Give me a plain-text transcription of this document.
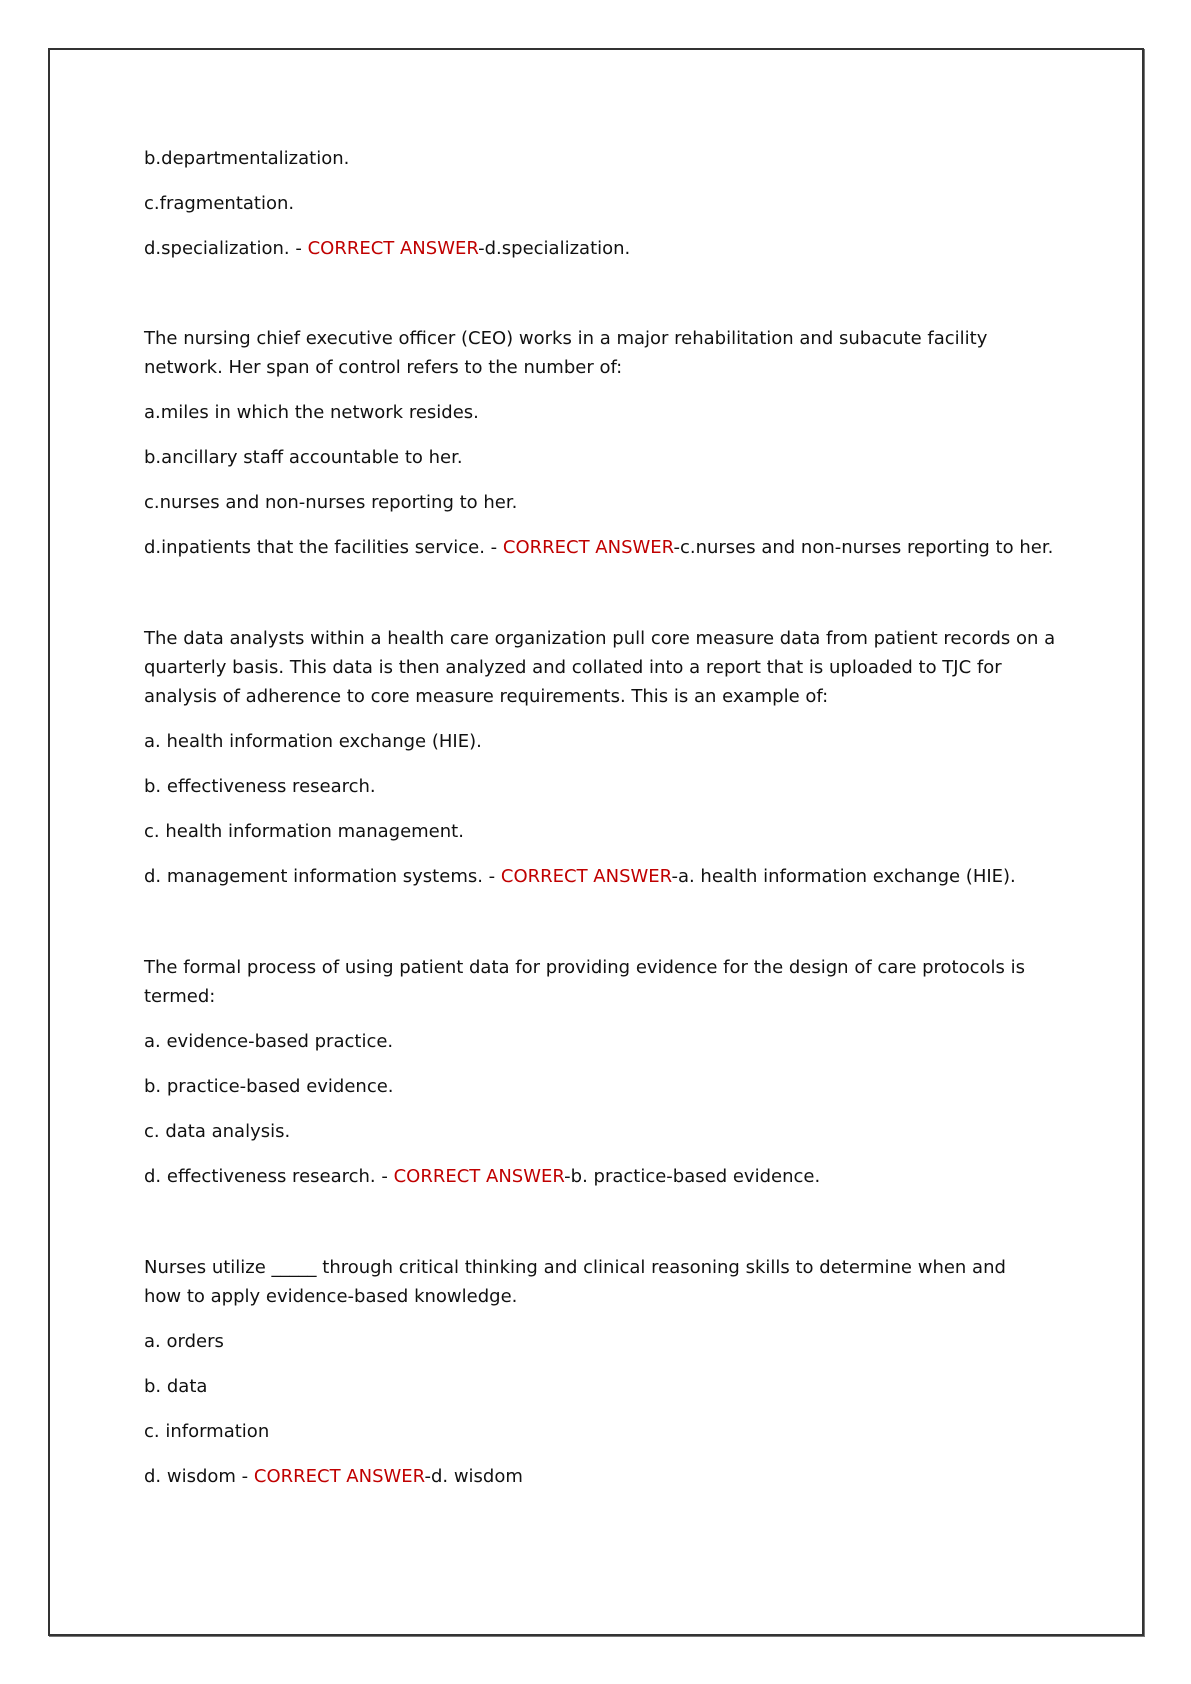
b.departmentalization.

c.fragmentation.

d.specialization. - CORRECT ANSWER-d.specialization.

The nursing chief executive officer (CEO) works in a major rehabilitation and subacute facility

network. Her span of control refers to the number of:

a.miles in which the network resides.

b.ancillary staff accountable to her.

c.nurses and non-nurses reporting to her.

d.inpatients that the facilities service. - CORRECT ANSWER-c.nurses and non-nurses reporting to her.

The data analysts within a health care organization pull core measure data from patient records on a

quarterly basis. This data is then analyzed and collated into a report that is uploaded to TJC for

analysis of adherence to core measure requirements. This is an example of:

a. health information exchange (HIE).

b. effectiveness research.

c. health information management.

d. management information systems. - CORRECT ANSWER-a. health information exchange (HIE).

The formal process of using patient data for providing evidence for the design of care protocols is

termed:

a. evidence-based practice.

b. practice-based evidence.

c. data analysis.

d. effectiveness research. - CORRECT ANSWER-b. practice-based evidence.

Nurses utilize _____ through critical thinking and clinical reasoning skills to determine when and

how to apply evidence-based knowledge.

a. orders

b. data

c. information

d. wisdom - CORRECT ANSWER-d. wisdom
